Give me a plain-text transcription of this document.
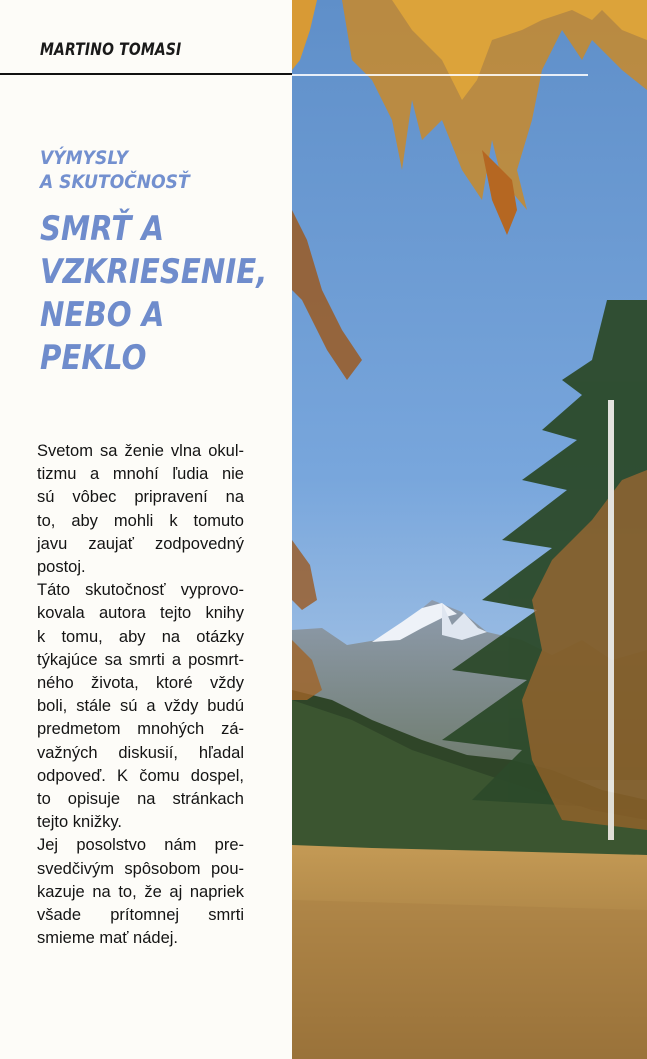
MARTINO TOMASI
VÝMYSLY
A SKUTOČNOSŤ
SMRŤ A
VZKRIESENIE,
NEBO A
PEKLO

Svetom sa ženie vlna okul-
tizmu a mnohí ľudia nie
sú vôbec pripravení na
to, aby mohli k tomuto
javu zaujať zodpovedný
postoj.

Táto skutočnosť vyprovo-
kovala autora tejto knihy
k tomu, aby na otázky
týkajúce sa smrti a posmrt-
ného života, ktoré vždy
boli, stále sú a vždy budú
predmetom mnohých zá-
važných diskusií, hľadal
odpoveď. K čomu dospel,
to opisuje na stránkach
tejto knižky.

Jej posolstvo nám pre-
svedčivým spôsobom pou-
kazuje na to, že aj napriek
všade prítomnej smrti
smieme mať nádej.
